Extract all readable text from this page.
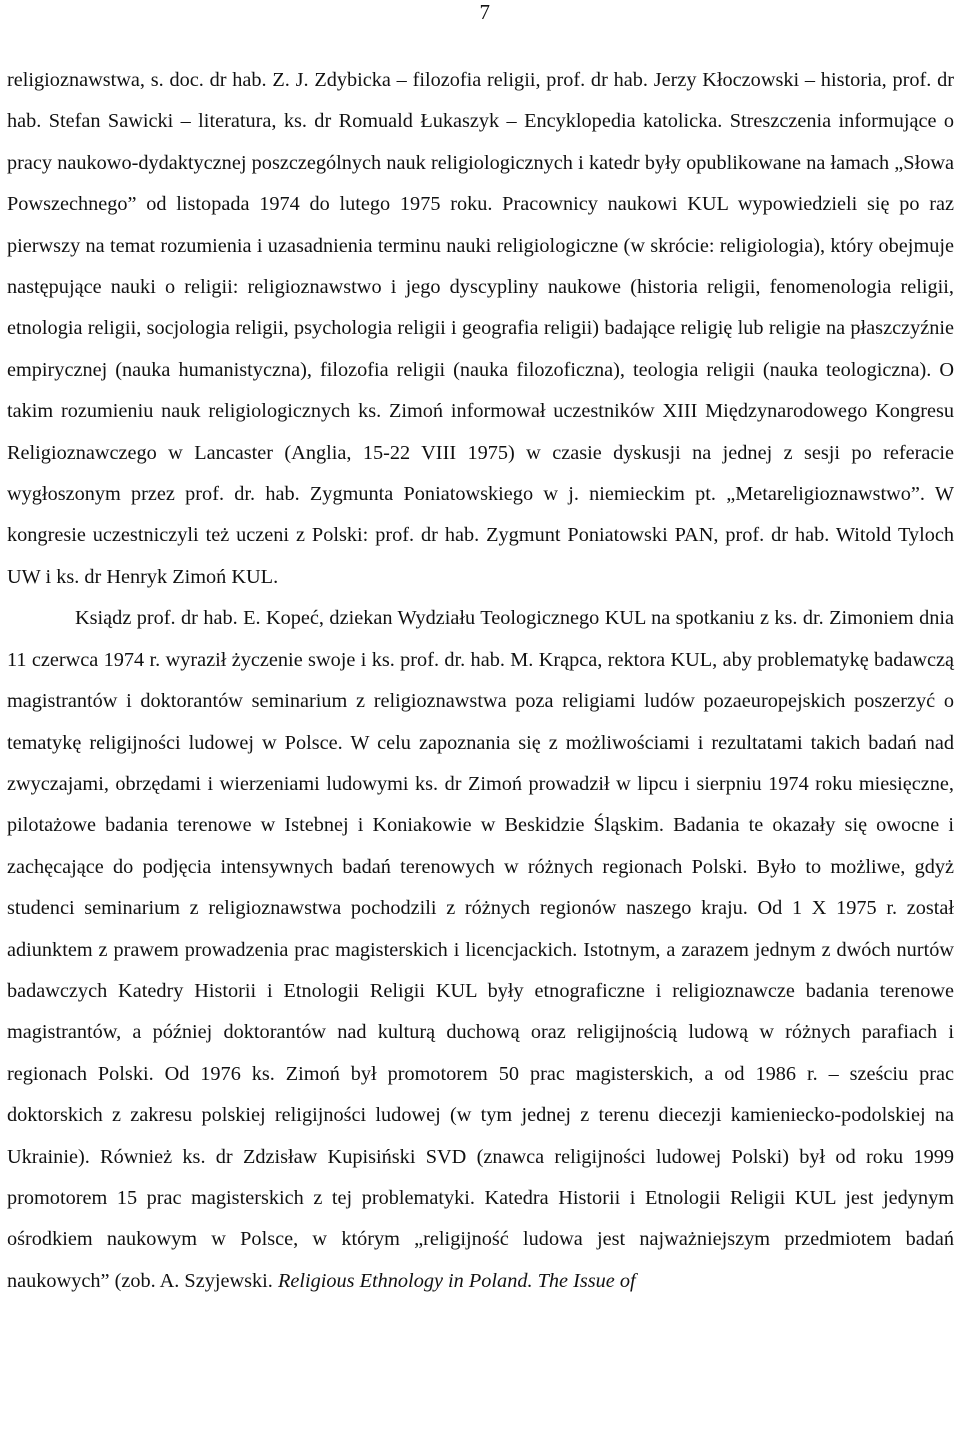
7

religioznawstwa, s. doc. dr hab. Z. J. Zdybicka – filozofia religii, prof. dr hab. Jerzy Kłoczowski – historia, prof. dr hab. Stefan Sawicki – literatura, ks. dr Romuald Łukaszyk – Encyklopedia katolicka. Streszczenia informujące o pracy naukowo-dydaktycznej poszczególnych nauk religiologicznych i katedr były opublikowane na łamach „Słowa Powszechnego” od listopada 1974 do lutego 1975 roku. Pracownicy naukowi KUL wypowiedzieli się po raz pierwszy na temat rozumienia i uzasadnienia terminu nauki religiologiczne (w skrócie: religiologia), który obejmuje następujące nauki o religii: religioznawstwo i jego dyscypliny naukowe (historia religii, fenomenologia religii, etnologia religii, socjologia religii, psychologia religii i geografia religii) badające religię lub religie na płaszczyźnie empirycznej (nauka humanistyczna), filozofia religii (nauka filozoficzna), teologia religii (nauka teologiczna). O takim rozumieniu nauk religiologicznych ks. Zimoń informował uczestników XIII Międzynarodowego Kongresu Religioznawczego w Lancaster (Anglia, 15-22 VIII 1975) w czasie dyskusji na jednej z sesji po referacie wygłoszonym przez prof. dr. hab. Zygmunta Poniatowskiego w j. niemieckim pt. „Metareligioznawstwo”. W kongresie uczestniczyli też uczeni z Polski: prof. dr hab. Zygmunt Poniatowski PAN, prof. dr hab. Witold Tyloch UW i ks. dr Henryk Zimoń KUL.

Ksiądz prof. dr hab. E. Kopeć, dziekan Wydziału Teologicznego KUL na spotkaniu z ks. dr. Zimoniem dnia 11 czerwca 1974 r. wyraził życzenie swoje i ks. prof. dr. hab. M. Krąpca, rektora KUL, aby problematykę badawczą magistrantów i doktorantów seminarium z religioznawstwa poza religiami ludów pozaeuropejskich poszerzyć o tematykę religijności ludowej w Polsce. W celu zapoznania się z możliwościami i rezultatami takich badań nad zwyczajami, obrzędami i wierzeniami ludowymi ks. dr Zimoń prowadził w lipcu i sierpniu 1974 roku miesięczne, pilotażowe badania terenowe w Istebnej i Koniakowie w Beskidzie Śląskim. Badania te okazały się owocne i zachęcające do podjęcia intensywnych badań terenowych w różnych regionach Polski. Było to możliwe, gdyż studenci seminarium z religioznawstwa pochodzili z różnych regionów naszego kraju. Od 1 X 1975 r. został adiunktem z prawem prowadzenia prac magisterskich i licencjackich. Istotnym, a zarazem jednym z dwóch nurtów badawczych Katedry Historii i Etnologii Religii KUL były etnograficzne i religioznawcze badania terenowe magistrantów, a później doktorantów nad kulturą duchową oraz religijnością ludową w różnych parafiach i regionach Polski. Od 1976 ks. Zimoń był promotorem 50 prac magisterskich, a od 1986 r. – sześciu prac doktorskich z zakresu polskiej religijności ludowej (w tym jednej z terenu diecezji kamieniecko-podolskiej na Ukrainie). Również ks. dr Zdzisław Kupisiński SVD (znawca religijności ludowej Polski) był od roku 1999 promotorem 15 prac magisterskich z tej problematyki. Katedra Historii i Etnologii Religii KUL jest jedynym ośrodkiem naukowym w Polsce, w którym „religijność ludowa jest najważniejszym przedmiotem badań naukowych” (zob. A. Szyjewski. Religious Ethnology in Poland. The Issue of
